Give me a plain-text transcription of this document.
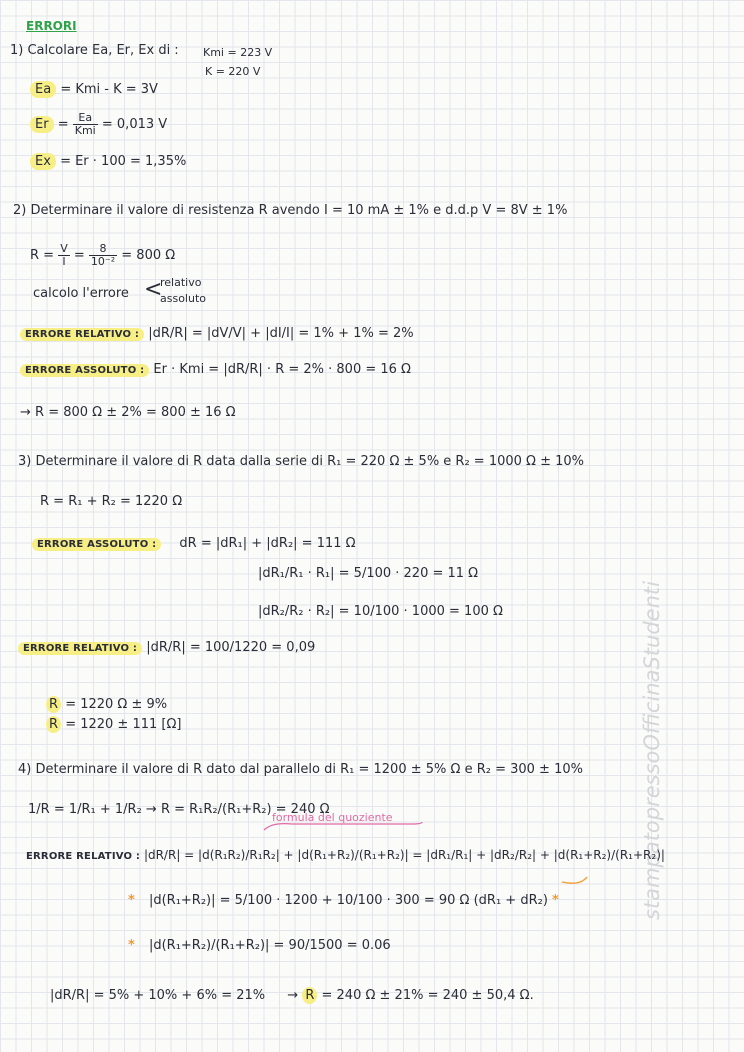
stampatopressoOfficinaStudenti
ERRORI
1) Calcolare Ea, Er, Ex di : Kmi = 223 V
K = 220 V
Ea = Kmi - K = 3V
$Er = \frac{Ea}{\text{Kmi}} = 0,013$ V
Ex = Er · 100 = 1,35%
2) Determinare il valore di resistenza R avendo I = 10 mA ± 1% e d.d.p V = 8V ± 1%
$R = \frac{V}{I} = \frac{8}{\text{10⁻²}} = 800$ Ω
calcolo l'errore <
relativo
assoluto
ERRORE RELATIVO : |dR/R| = |dV/V| + |dI/I| = 1% + 1% = 2%
ERRORE ASSOLUTO : Er · Kmi = |dR/R| · R = 2% · 800 = 16 Ω
→ R = 800 Ω ± 2% = 800 ± 16 Ω
3) Determinare il valore di R data dalla serie di R₁ = 220 Ω ± 5% e R₂ = 1000 Ω ± 10%
R = R₁ + R₂ = 1220 Ω
ERRORE ASSOLUTO : dR = |dR₁| + |dR₂| = 111 Ω
|dR₁/R₁ · R₁| = 5/100 · 220 = 11 Ω
|dR₂/R₂ · R₂| = 10/100 · 1000 = 100 Ω
ERRORE RELATIVO : |dR/R| = 100/1220 = 0,09
R = 1220 Ω ± 9%
R = 1220 ± 111 [Ω]
4) Determinare il valore di R dato dal parallelo di R₁ = 1200 ± 5% Ω e R₂ = 300 ± 10%
1/R = 1/R₁ + 1/R₂ → R = R₁R₂/(R₁+R₂) = 240 Ω
formula del quoziente
ERRORE RELATIVO : |dR/R| = |d(R₁R₂)/R₁R₂| + |d(R₁+R₂)/(R₁+R₂)| = |dR₁/R₁| + |dR₂/R₂| + |d(R₁+R₂)/(R₁+R₂)|
* |d(R₁+R₂)| = 5/100 · 1200 + 10/100 · 300 = 90 Ω (dR₁ + dR₂) *
* |d(R₁+R₂)/(R₁+R₂)| = 90/1500 = 0.06
|dR/R| = 5% + 10% + 6% = 21% → R = 240 Ω ± 21% = 240 ± 50,4 Ω.
